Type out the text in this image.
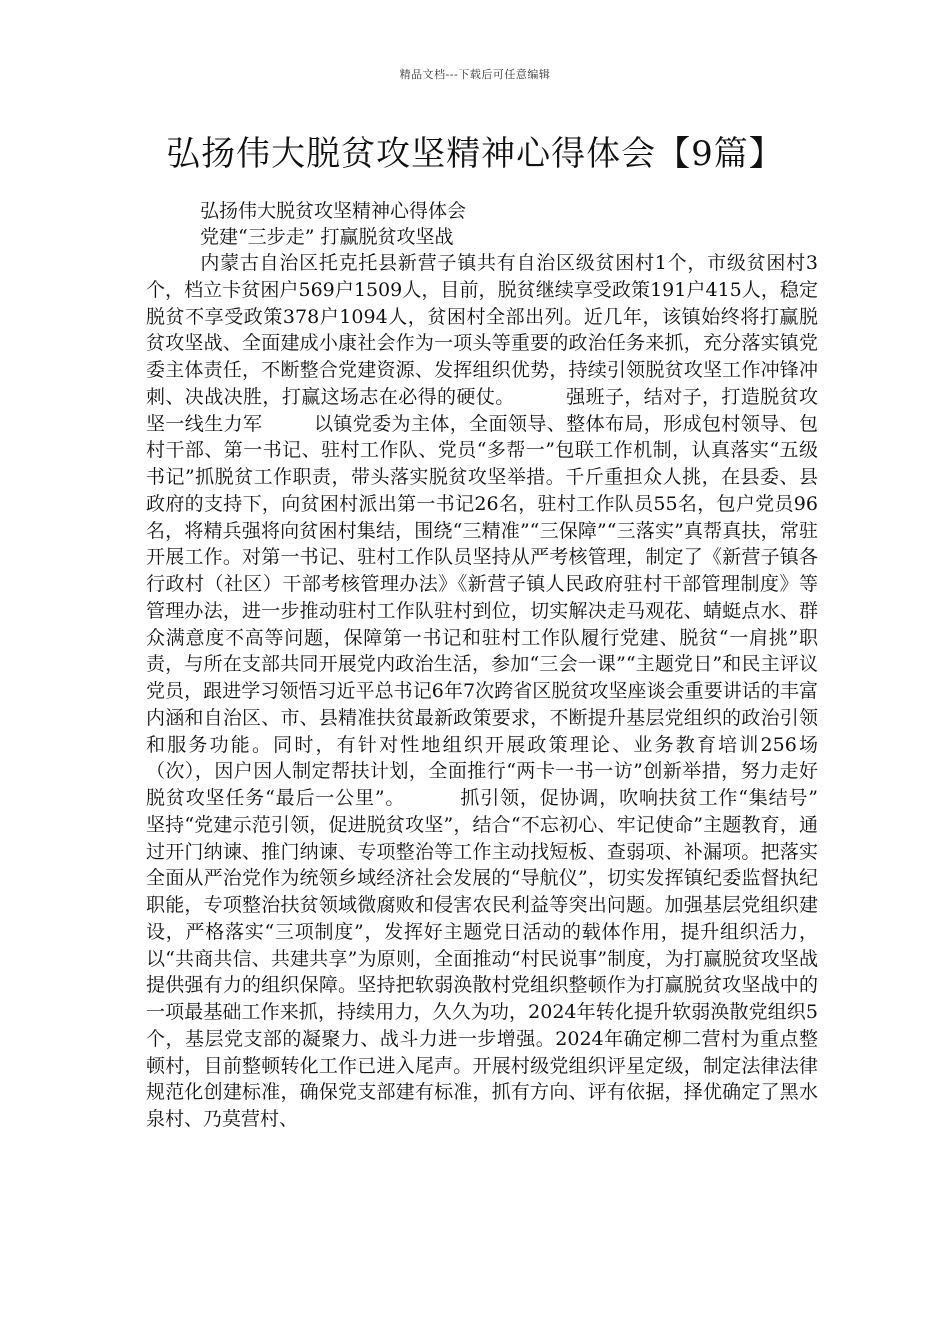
精品文档---下载后可任意编辑
弘扬伟大脱贫攻坚精神心得体会【9篇】

弘扬伟大脱贫攻坚精神心得体会

党建“三步走” 打赢脱贫攻坚战

内蒙古自治区托克托县新营子镇共有自治区级贫困村1个，市级贫困村3个，档立卡贫困户569户1509人，目前，脱贫继续享受政策191户415人，稳定脱贫不享受政策378户1094人，贫困村全部出列。近几年，该镇始终将打赢脱贫攻坚战、全面建成小康社会作为一项头等重要的政治任务来抓，充分落实镇党委主体责任，不断整合党建资源、发挥组织优势，持续引领脱贫攻坚工作冲锋冲刺、决战决胜，打赢这场志在必得的硬仗。        强班子，结对子，打造脱贫攻坚一线生力军        以镇党委为主体，全面领导、整体布局，形成包村领导、包村干部、第一书记、驻村工作队、党员“多帮一”包联工作机制，认真落实“五级书记”抓脱贫工作职责，带头落实脱贫攻坚举措。千斤重担众人挑，在县委、县政府的支持下，向贫困村派出第一书记26名，驻村工作队员55名，包户党员96名，将精兵强将向贫困村集结，围绕“三精准”“三保障”“三落实”真帮真扶，常驻开展工作。对第一书记、驻村工作队员坚持从严考核管理，制定了《新营子镇各行政村（社区）干部考核管理办法》《新营子镇人民政府驻村干部管理制度》等管理办法，进一步推动驻村工作队驻村到位，切实解决走马观花、蜻蜓点水、群众满意度不高等问题，保障第一书记和驻村工作队履行党建、脱贫“一肩挑”职责，与所在支部共同开展党内政治生活，参加“三会一课”“主题党日”和民主评议党员，跟进学习领悟习近平总书记6年7次跨省区脱贫攻坚座谈会重要讲话的丰富内涵和自治区、市、县精准扶贫最新政策要求，不断提升基层党组织的政治引领和服务功能。同时，有针对性地组织开展政策理论、业务教育培训256场（次），因户因人制定帮扶计划，全面推行“两卡一书一访”创新举措，努力走好脱贫攻坚任务“最后一公里”。        抓引领，促协调，吹响扶贫工作“集结号”        坚持“党建示范引领，促进脱贫攻坚”，结合“不忘初心、牢记使命”主题教育，通过开门纳谏、推门纳谏、专项整治等工作主动找短板、查弱项、补漏项。把落实全面从严治党作为统领乡域经济社会发展的“导航仪”，切实发挥镇纪委监督执纪职能，专项整治扶贫领域微腐败和侵害农民利益等突出问题。加强基层党组织建设，严格落实“三项制度”，发挥好主题党日活动的载体作用，提升组织活力，以“共商共信、共建共享”为原则，全面推动“村民说事”制度，为打赢脱贫攻坚战提供强有力的组织保障。坚持把软弱涣散村党组织整顿作为打赢脱贫攻坚战中的一项最基础工作来抓，持续用力，久久为功，2024年转化提升软弱涣散党组织5个，基层党支部的凝聚力、战斗力进一步增强。2024年确定柳二营村为重点整顿村，目前整顿转化工作已进入尾声。开展村级党组织评星定级，制定法律法律规范化创建标准，确保党支部建有标准，抓有方向、评有依据，择优确定了黑水泉村、乃莫营村、
